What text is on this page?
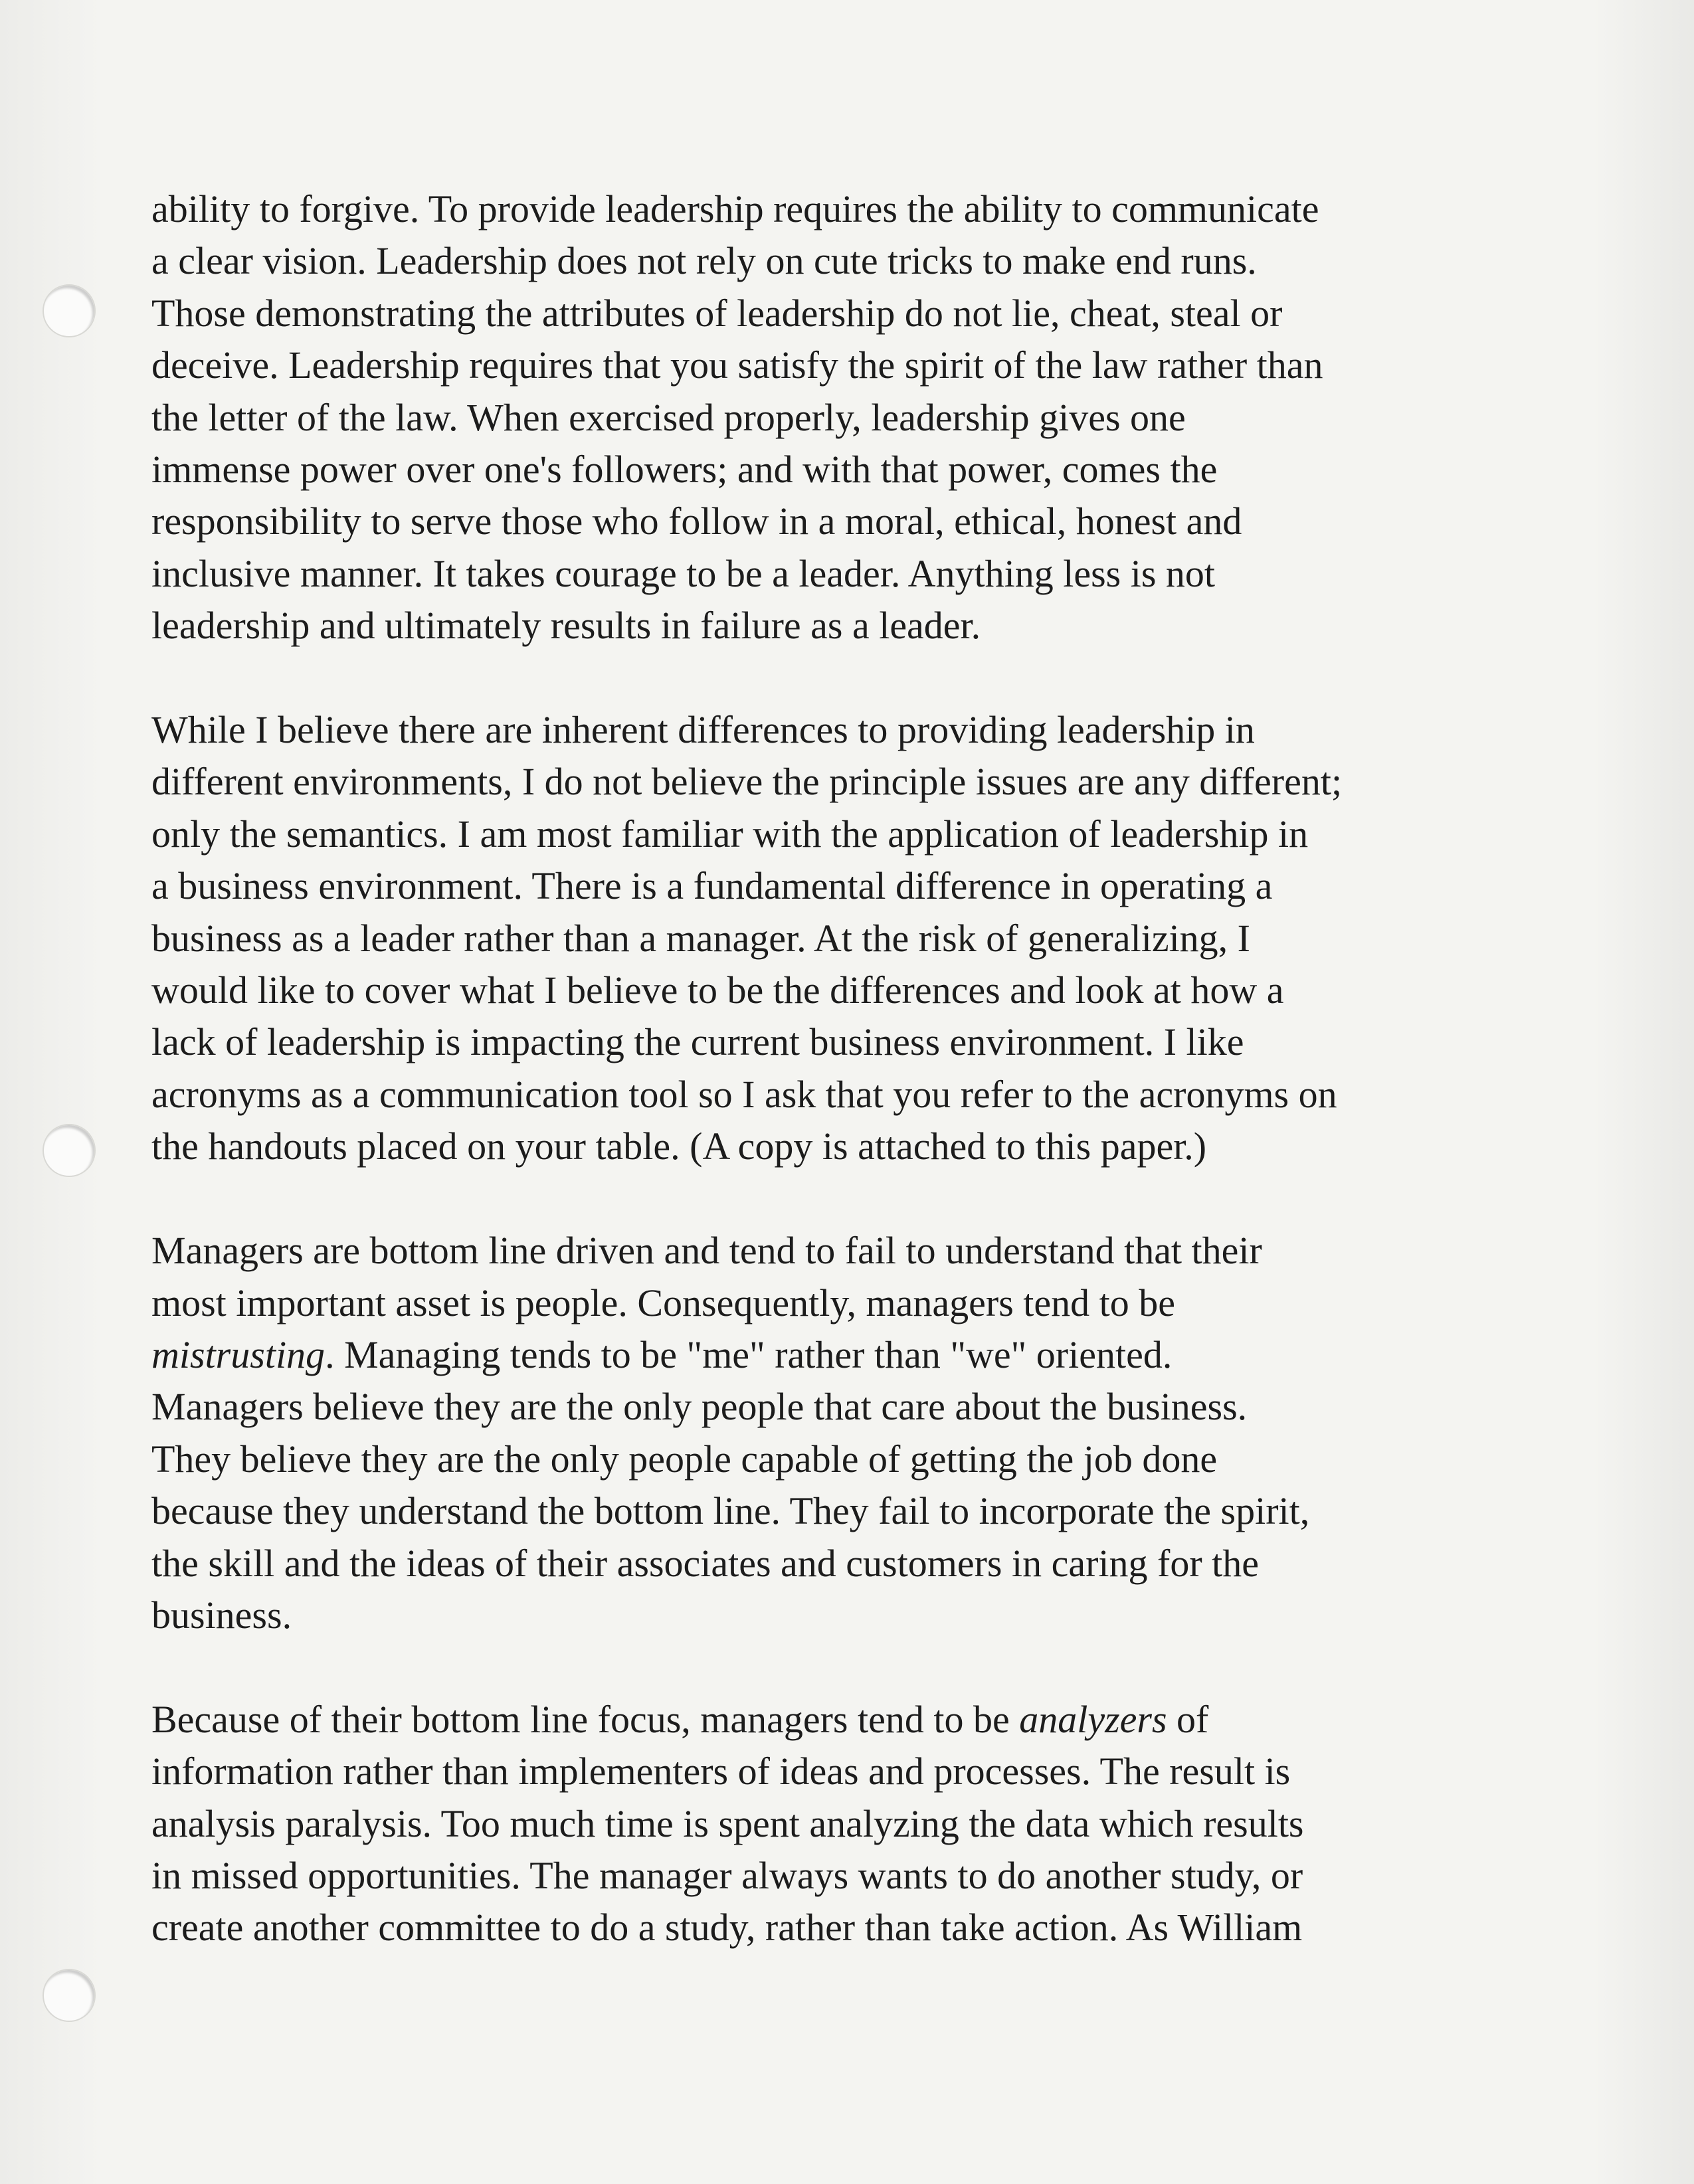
ability to forgive. To provide leadership requires the ability to communicate
a clear vision. Leadership does not rely on cute tricks to make end runs.
Those demonstrating the attributes of leadership do not lie, cheat, steal or
deceive. Leadership requires that you satisfy the spirit of the law rather than
the letter of the law. When exercised properly, leadership gives one
immense power over one's followers; and with that power, comes the
responsibility to serve those who follow in a moral, ethical, honest and
inclusive manner. It takes courage to be a leader. Anything less is not
leadership and ultimately results in failure as a leader.
While I believe there are inherent differences to providing leadership in
different environments, I do not believe the principle issues are any different;
only the semantics. I am most familiar with the application of leadership in
a business environment. There is a fundamental difference in operating a
business as a leader rather than a manager. At the risk of generalizing, I
would like to cover what I believe to be the differences and look at how a
lack of leadership is impacting the current business environment. I like
acronyms as a communication tool so I ask that you refer to the acronyms on
the handouts placed on your table. (A copy is attached to this paper.)
Managers are bottom line driven and tend to fail to understand that their
most important asset is people. Consequently, managers tend to be
mistrusting. Managing tends to be "me" rather than "we" oriented.
Managers believe they are the only people that care about the business.
They believe they are the only people capable of getting the job done
because they understand the bottom line. They fail to incorporate the spirit,
the skill and the ideas of their associates and customers in caring for the
business.
Because of their bottom line focus, managers tend to be analyzers of
information rather than implementers of ideas and processes. The result is
analysis paralysis. Too much time is spent analyzing the data which results
in missed opportunities. The manager always wants to do another study, or
create another committee to do a study, rather than take action. As William
